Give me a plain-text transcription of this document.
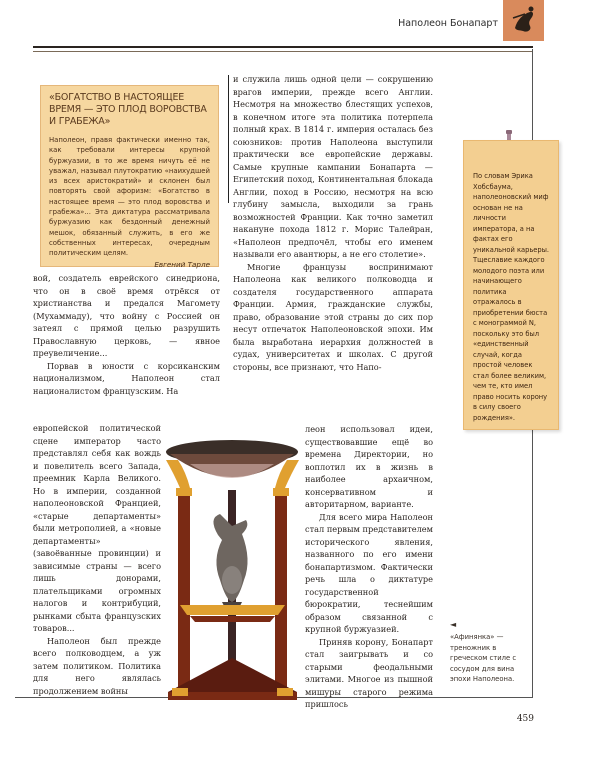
Наполеон Бонапарт
«БОГАТСТВО В НАСТОЯЩЕЕ ВРЕМЯ — ЭТО ПЛОД ВОРОВСТВА И ГРАБЕЖА»
Наполеон, правя фактически именно так, как требовали интересы крупной буржуазии, в то же время ничуть её не уважал, называл плутократию «наихудшей из всех аристократий» и склонен был повторять свой афоризм: «Богатство в настоящее время — это плод воровства и грабежа»... Эта диктатура рассматривала буржуазию как бездонный денежный мешок, обязанный служить, в его же собственных интересах, очередным политическим целям.
Евгений Тарле

вой, создатель еврейского синедриона, что он в своё время отрёкся от христианства и предался Магомету (Мухаммаду), что войну с Россией он затеял с прямой целью разрушить Православную церковь, — явное преувеличение...

Порвав в юности с корсиканским национализмом, Наполеон стал националистом французским. На

европейской политической сцене император часто представлял себя как вождь и повелитель всего Запада, преемник Карла Великого. Но в империи, созданной наполеоновской Францией, «старые департаменты» были метрополией, а «новые департаменты» (завоёванные провинции) и зависимые страны — всего лишь донорами, плательщиками огромных налогов и контрибуций, рынками сбыта французских товаров...

Наполеон был прежде всего полководцем, а уж затем политиком. Политика для него являлась продолжением войны

и служила лишь одной цели — сокрушению врагов империи, прежде всего Англии. Несмотря на множество блестящих успехов, в конечном итоге эта политика потерпела полный крах. В 1814 г. империя осталась без союзников: против Наполеона выступили практически все европейские державы. Самые крупные кампании Бонапарта — Египетский поход, Континентальная блокада Англии, поход в Россию, несмотря на всю глубину замысла, выходили за грань возможностей Франции. Как точно заметил накануне похода 1812 г. Морис Талейран, «Наполеон предпочёл, чтобы его именем называли его авантюры, а не его столетие».

Многие французы воспринимают Наполеона как великого полководца и создателя государственного аппарата Франции. Армия, гражданские службы, право, образование этой страны до сих пор несут отпечаток Наполеоновской эпохи. Им была выработана иерархия должностей в судах, университетах и школах. С другой стороны, все признают, что Напо-

леон использовал идеи, существовавшие ещё во времена Директории, но воплотил их в жизнь в наиболее архаичном, консервативном и авторитарном, варианте.

Для всего мира Наполеон стал первым представителем исторического явления, названного по его имени бонапартизмом. Фактически речь шла о диктатуре государственной бюрократии, теснейшим образом связанной с крупной буржуазией.

Приняв корону, Бонапарт стал заигрывать и со старыми феодальными элитами. Многое из пышной мишуры старого режима пришлось

По словам Эрика Хобсбаума, наполеоновский миф основан не на личности императора, а на фактах его уникальной карьеры. Тщеславие каждого молодого поэта или начинающего политика отражалось в приобретении бюста с монограммой N, поскольку это был «единственный случай, когда простой человек стал более великим, чем те, кто имел право носить корону в силу своего рождения».
◄
«Афинянка» — треножник в греческом стиле с сосудом для вина эпохи Наполеона.
459
